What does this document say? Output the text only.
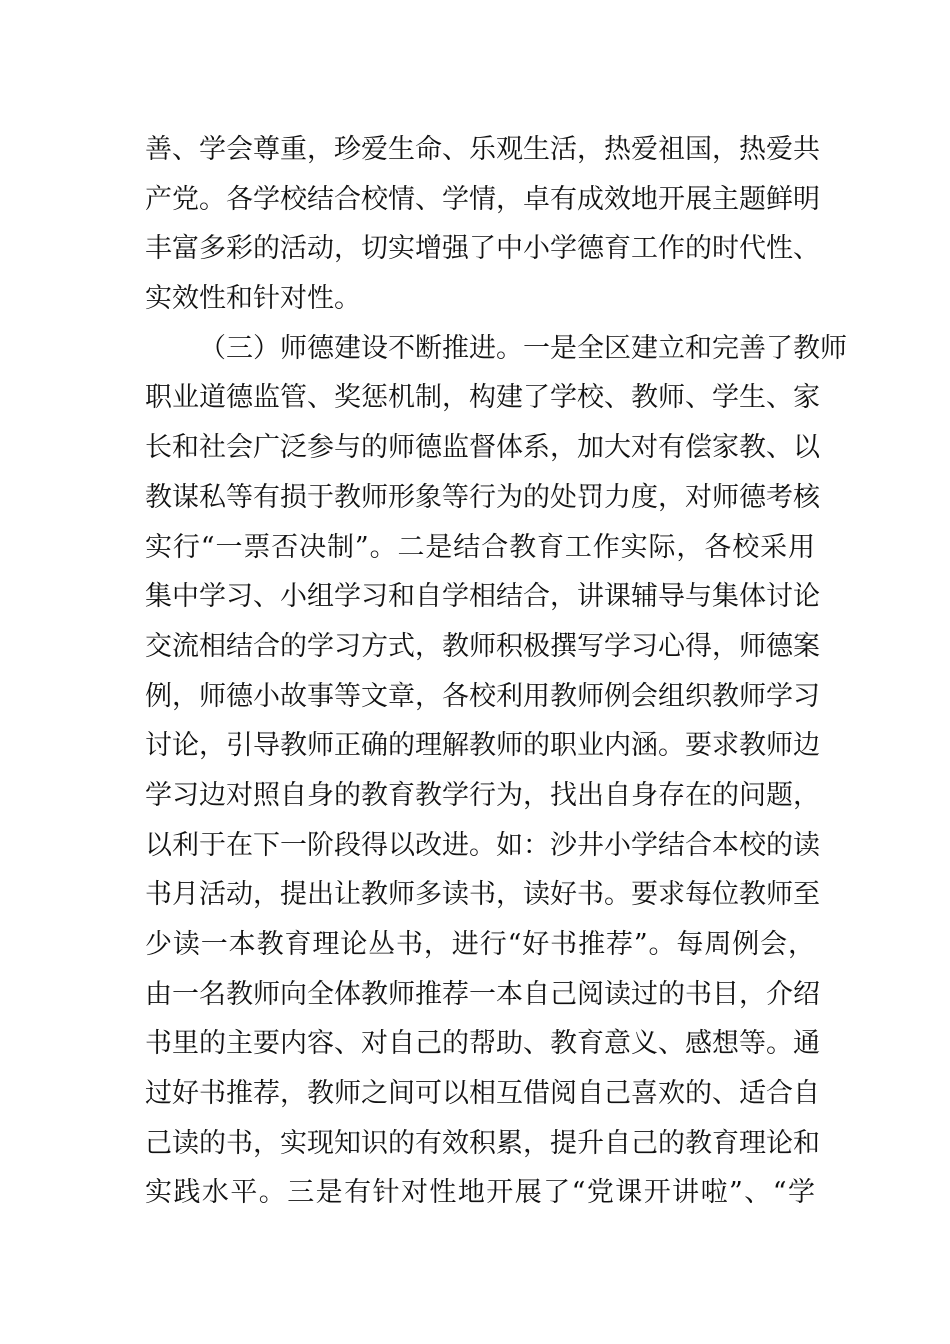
善、学会尊重，珍爱生命、乐观生活，热爱祖国，热爱共
产党。各学校结合校情、学情，卓有成效地开展主题鲜明
丰富多彩的活动，切实增强了中小学德育工作的时代性、
实效性和针对性。
（三）师德建设不断推进。一是全区建立和完善了教师
职业道德监管、奖惩机制，构建了学校、教师、学生、家
长和社会广泛参与的师德监督体系，加大对有偿家教、以
教谋私等有损于教师形象等行为的处罚力度，对师德考核
实行“一票否决制”。二是结合教育工作实际，各校采用
集中学习、小组学习和自学相结合，讲课辅导与集体讨论
交流相结合的学习方式，教师积极撰写学习心得，师德案
例，师德小故事等文章，各校利用教师例会组织教师学习
讨论，引导教师正确的理解教师的职业内涵。要求教师边
学习边对照自身的教育教学行为，找出自身存在的问题，
以利于在下一阶段得以改进。如：沙井小学结合本校的读
书月活动，提出让教师多读书，读好书。要求每位教师至
少读一本教育理论丛书，进行“好书推荐”。每周例会，
由一名教师向全体教师推荐一本自己阅读过的书目，介绍
书里的主要内容、对自己的帮助、教育意义、感想等。通
过好书推荐，教师之间可以相互借阅自己喜欢的、适合自
己读的书，实现知识的有效积累，提升自己的教育理论和
实践水平。三是有针对性地开展了“党课开讲啦”、“学
